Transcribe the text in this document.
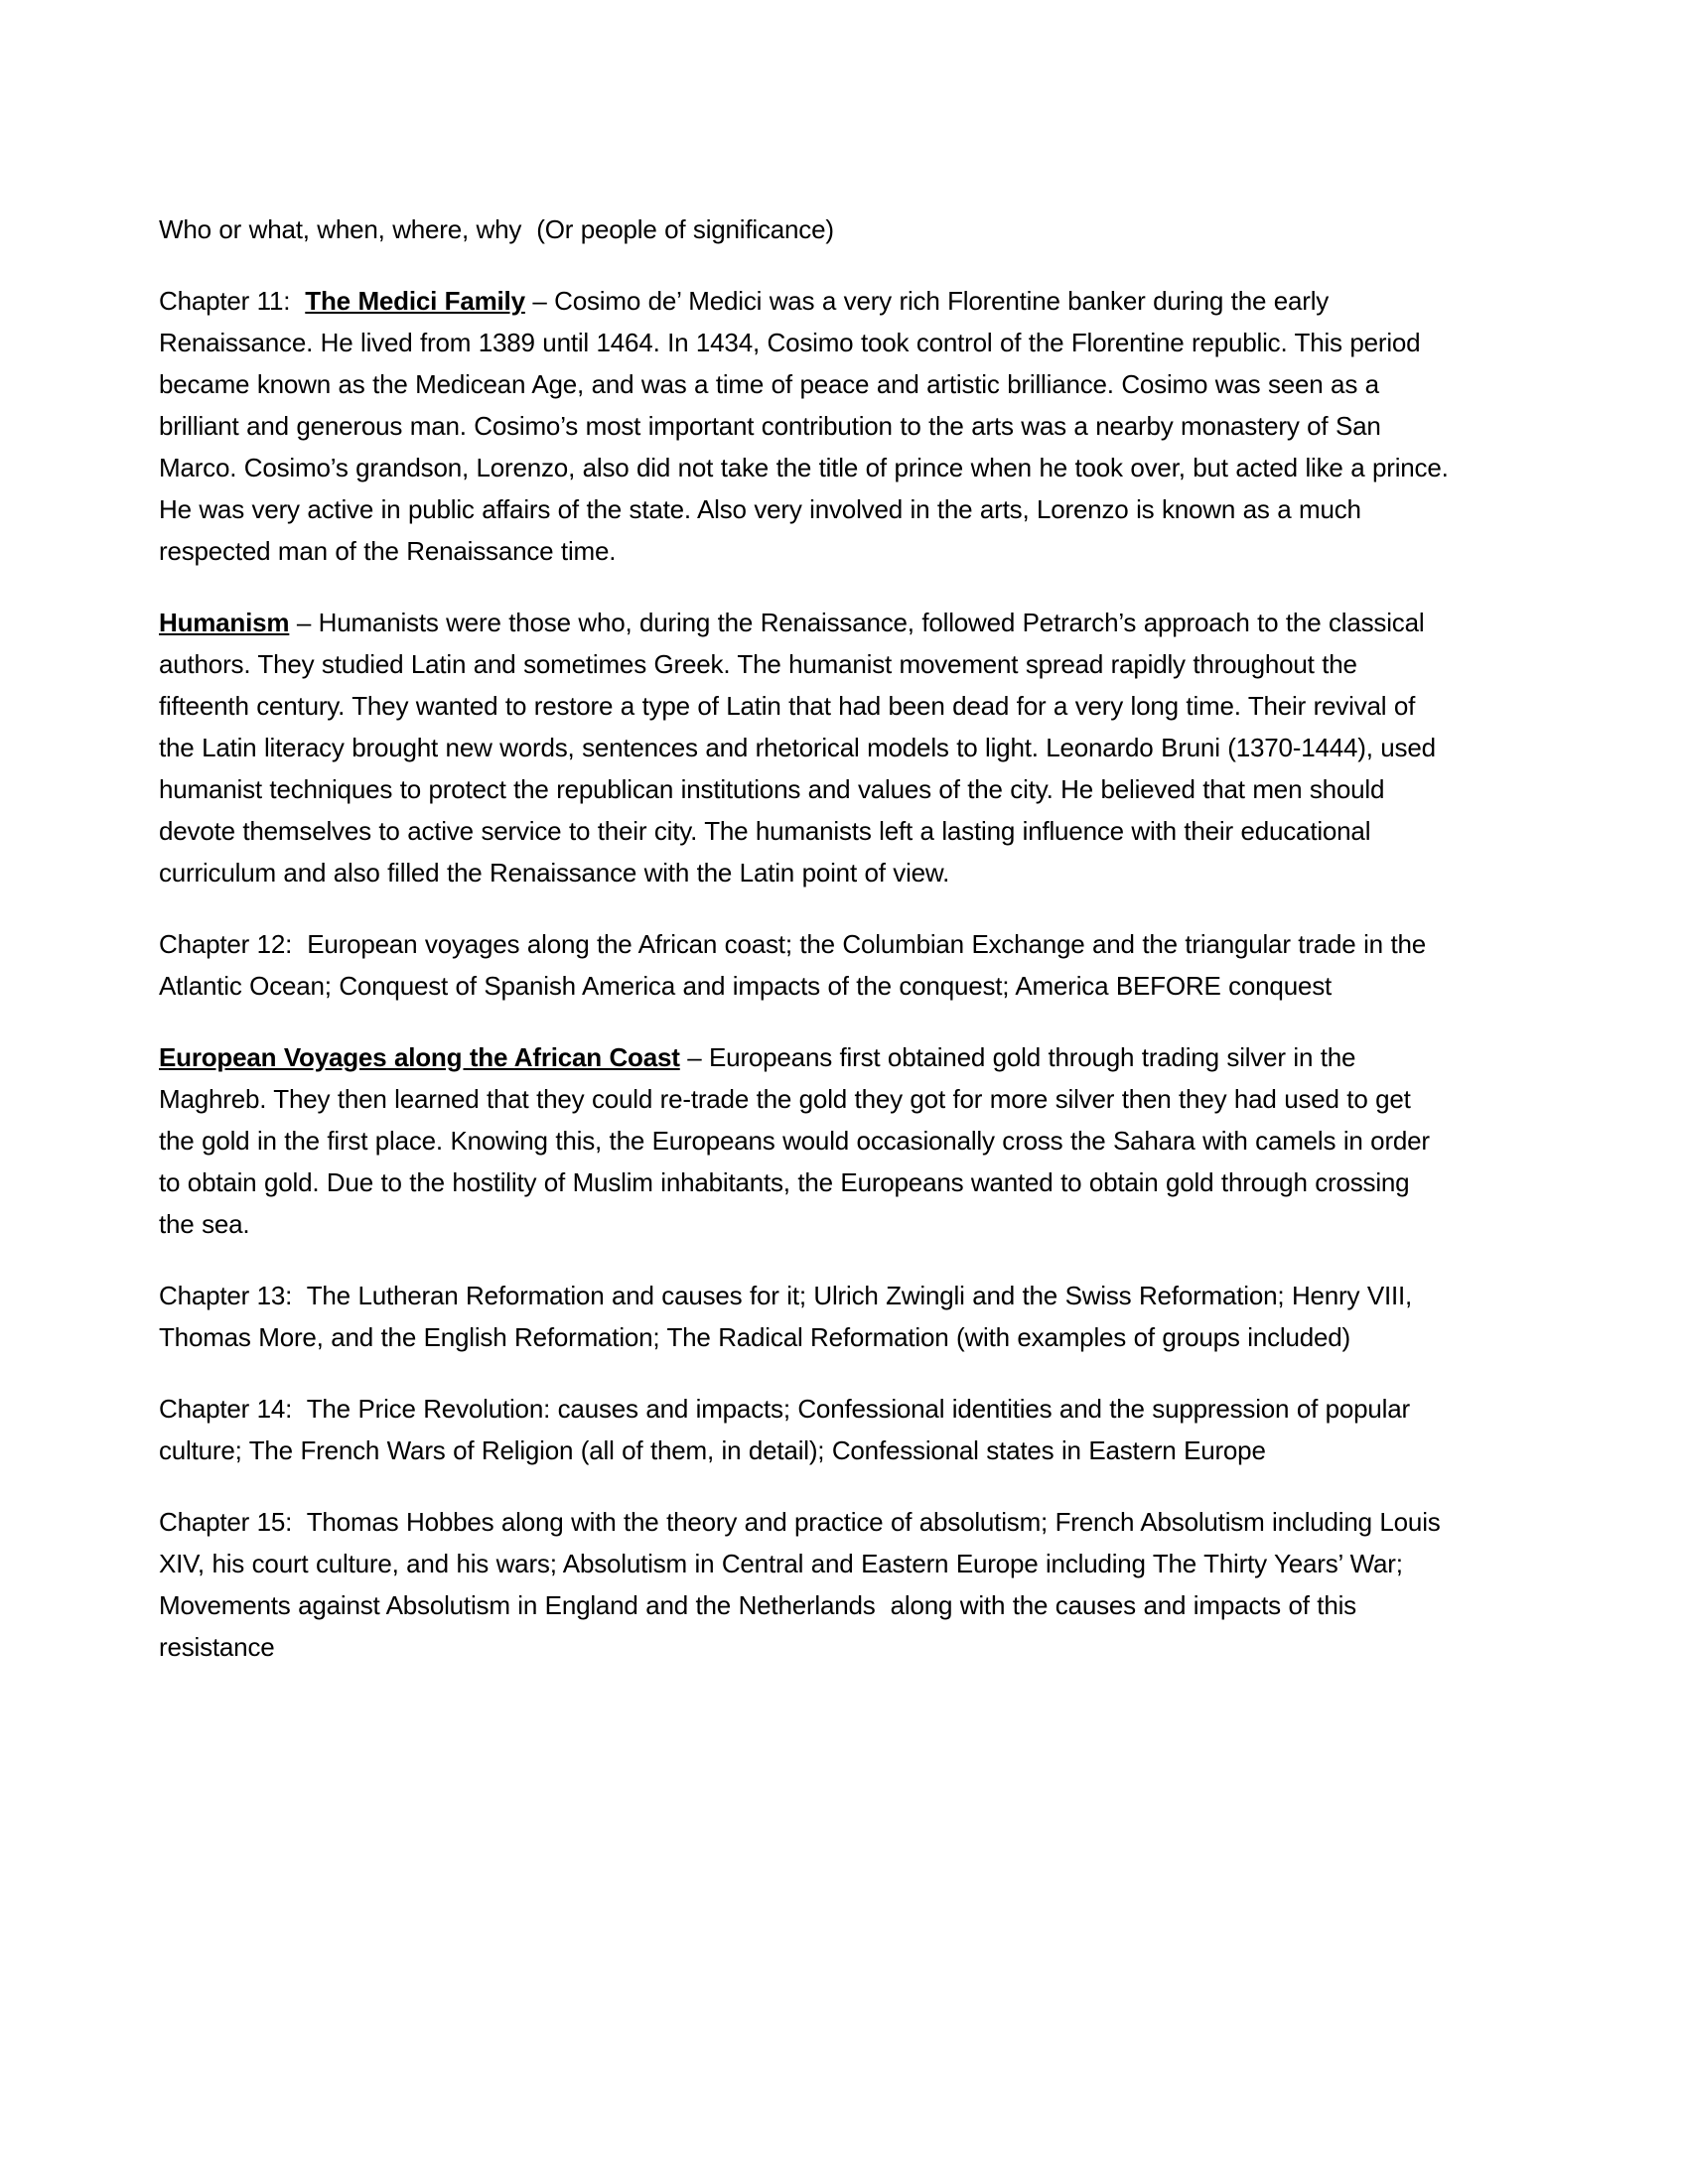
Who or what, when, where, why  (Or people of significance)

Chapter 11:  The Medici Family – Cosimo de’ Medici was a very rich Florentine banker during the early Renaissance. He lived from 1389 until 1464. In 1434, Cosimo took control of the Florentine republic. This period became known as the Medicean Age, and was a time of peace and artistic brilliance. Cosimo was seen as a brilliant and generous man. Cosimo’s most important contribution to the arts was a nearby monastery of San Marco. Cosimo’s grandson, Lorenzo, also did not take the title of prince when he took over, but acted like a prince. He was very active in public affairs of the state. Also very involved in the arts, Lorenzo is known as a much respected man of the Renaissance time.

Humanism – Humanists were those who, during the Renaissance, followed Petrarch’s approach to the classical authors. They studied Latin and sometimes Greek. The humanist movement spread rapidly throughout the fifteenth century. They wanted to restore a type of Latin that had been dead for a very long time. Their revival of the Latin literacy brought new words, sentences and rhetorical models to light. Leonardo Bruni (1370-1444), used humanist techniques to protect the republican institutions and values of the city. He believed that men should devote themselves to active service to their city. The humanists left a lasting influence with their educational curriculum and also filled the Renaissance with the Latin point of view.

Chapter 12:  European voyages along the African coast; the Columbian Exchange and the triangular trade in the Atlantic Ocean; Conquest of Spanish America and impacts of the conquest; America BEFORE conquest

European Voyages along the African Coast – Europeans first obtained gold through trading silver in the Maghreb. They then learned that they could re-trade the gold they got for more silver then they had used to get the gold in the first place. Knowing this, the Europeans would occasionally cross the Sahara with camels in order to obtain gold. Due to the hostility of Muslim inhabitants, the Europeans wanted to obtain gold through crossing the sea.

Chapter 13:  The Lutheran Reformation and causes for it; Ulrich Zwingli and the Swiss Reformation; Henry VIII, Thomas More, and the English Reformation; The Radical Reformation (with examples of groups included)

Chapter 14:  The Price Revolution: causes and impacts; Confessional identities and the suppression of popular culture; The French Wars of Religion (all of them, in detail); Confessional states in Eastern Europe

Chapter 15:  Thomas Hobbes along with the theory and practice of absolutism; French Absolutism including Louis XIV, his court culture, and his wars; Absolutism in Central and Eastern Europe including The Thirty Years’ War;  Movements against Absolutism in England and the Netherlands  along with the causes and impacts of this resistance
